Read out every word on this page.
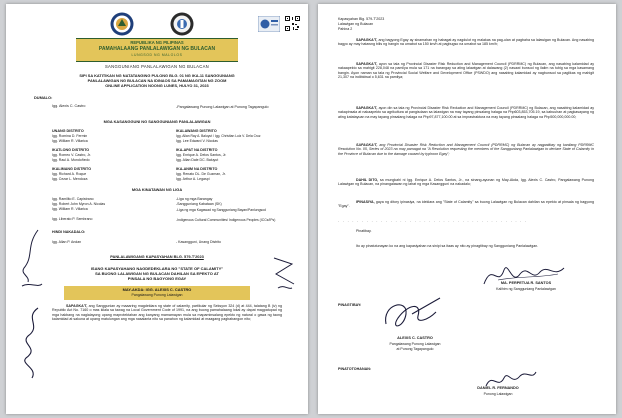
REPUBLIKA NG PILIPINAS
PAMAHALAANG PANLALAWIGAN NG BULACAN
LUNGSOD NG MALOLOS
SANGGUNIANG PANLALAWIGAN NG BULACAN
SIPI SA KATITIKAN NG NATATANGING PULONG BLG. 01 NG IKA-11 SANGGUNIANG
PANLALAWIGAN NG BULACAN NA IDINAOS SA PAMAMAGITAN NG ZOOM
ONLINE APPLICATION NOONG LUNES, HULYO 31, 2023
DUMALO:
Igg. Alexis C. Castro	-Pangalawang Punong Lalawigan at Punong Tagapangulo
MGA KASANGGUNI NG SANGGUNIANG PANLALAWIGAN
UNANG DISTRITO
Igg. Romina D. Fermin
Igg. William R. Villarica
IKATLONG DISTRITO
Igg. Romeo V. Castro, Jr.
Igg. Raul A. Mondoñedo
IKALIMANG DISTRITO
Igg. Richard A. Roque
Igg. Cezar L. Mendoza
IKALAWANG DISTRITO
Igg. Allan Ray A. Baluyut / Igg. Christian Luiz V. Dela Cruz
Igg. Lee Edward V. Nicolas
IKA-APAT NA DISTRITO
Igg. Enrique A. Delos Santos, Jr.
Igg. Allan Dale DC. Baluyut
IKA-ANIM NA DISTRITO
Igg. Renato DL. De Guzman, Jr.
Igg. Arthur A. Legaspi
MGA KINATAWAN NG LIGA
Igg. Ramilito E. Capistrano	-Liga ng mga Barangay
Igg. Robert John Myron A. Nicolas	-Sangguniang Kabataan (SK)
Igg. William R. Villarica	-Liga ng mga Kagawad ng Sangguniang Bayan/Panlungsod
Igg. Liberato P. Sembrano	-Indigenous Cultural Communities/ Indigenous Peoples (ICCs/IPs)
HINDI NAKADALO:
Igg. Allan P. Andan	- Kasanggunì, Unang Distrito
PANLALAWIGANG KAPASYAHAN BLG. 579-T'2023
ISANG KAPASYAHANG NAGDEDEKLARA NG "STATE OF CALAMITY"
SA BUONG LALAWIGAN NG BULACAN DAHILAN SA EPEKTO AT
PINSALA NG BAGYONG EGAY
MAY-AKDA: IGG. ALEXIS C. CASTRO
Pangalawang Punong Lalawigan
SAPAGKA'T, ang Sanggunian ay maaaring magdeklara ng state of calamity, partikular ng Seksyon 324 (d) at 444, talatang B (iv) ng Republic Act No. 7160 o mas kilala sa tawag na Local Government Code of 1991, na ang buong pamahalaang lokal ay dapat magpatupad ng mga hakbang na naglalayong upang maprotektahan ang kanyang mamamayan mula sa mapaminsalang epekto ng natural o gawa ng taong kalamidad at sakuna at upang matulungan ang mga nasalanta nito sa panahon ng kalamidad at maagang pagbabangon nito;
Kapasyahan Blg. 579-T'2023
Lalawigan ng Bulacan
Pahina 2
SAPAGKA'T, ang bagyong Egay ay sinamahan ng habagat ay nagdulot ng malakas na pag-ulan at pagbaha sa lalawigan ng Bulacan. Ang nasabing bagyo ay may hatawng bilis ng hangin na umabot sa 150 km/h at pagbugso na umabot sa 185 km/h;
SAPAGKA'T, ayon sa tala ng Provincial Disaster Risk Reduction and Management Council (PDRRMC) ng Bulacan, ang nasabing kalamidad ay nakaapekto sa mahigit 228,048 na pamilya mula sa 171 na barangay sa ating lalawigan at dalawang (2) nasawi bunsod ng ilalim na tubig sa mga kasamang bangin. Ayon naman sa tala ng Provincial Social Welfare and Development Office (PSWDO) ang nasabing kalamidad ay nagbunsod sa paglikas ng mahigit 21,307 na indibidwal o 5,631 na pamilya;
SAPAGKA'T, ayon din sa tala ng Provincial Disaster Risk Reduction and Management Council (PDRRMC) ng Bulacan, ang nasabing kalamidad ay nakapinsala at nakaapekto sa agrikultura at pangisdaan sa lalawigan na may tayang pinsalang halaga na Php603,853,705.19, sa kabuuhan at pagkasayang ng ating katatayuan na may tayang pinsalang halaga na Php97,877,100.00 at sa imprastraktura na may tayang pinsalang halaga na Php500,000,000.00;
SAPAGKA'T, ang Provincial Disaster Risk Reduction and Management Council (PDRRMC) ng Bulacan ay nagpatibay ng kanilang PDRRMC Resolution No. 05, Series of 2023 na may pamagat na "A Resolution requesting the members of the Sangguniang Panlalawigan to declare State of Calamity in the Province of Bulacan due to the damage caused by typhoon Egay";
DAHIL DITO, sa mungkahi ni Igg. Enrique A. Delos Santos, Jr., na sinang-ayunan ng May-Akda, Igg. Alexis C. Castro, Pangalawang Punong Lalawigan ng Bulacan, na pinangalawan ng lahat ng mga Kasanggunì na nakadalo;
IPINASIYA, gaya ng ditory ipinasiya, na ideklara ang "State of Calamity" sa buong Lalawigan ng Bulacan dahilan sa epekto at pinsala ng bagyong "Egay".
. . . . . . . . . . . . . . . . . . . . . . . . . . . . . . . . . . . . . . . .
Pinatibay.
Ito ay pinatutunayan ko na ang kapasiyahan na sinipi sa itaas ay nito ay pinagtibay ng Sangguniang Panlalawigan.
MA. PERPETUA R. SANTOS
Kalihim ng Sangguniang Panlalawigan
PINAGTIBAY:
ALEXIS C. CASTRO
Pangalawang Punong Lalawigan
at Punong Tagapangulo
PINATOTOHANAN:
DANIEL R. FERNANDO
Punong Lalawigan
